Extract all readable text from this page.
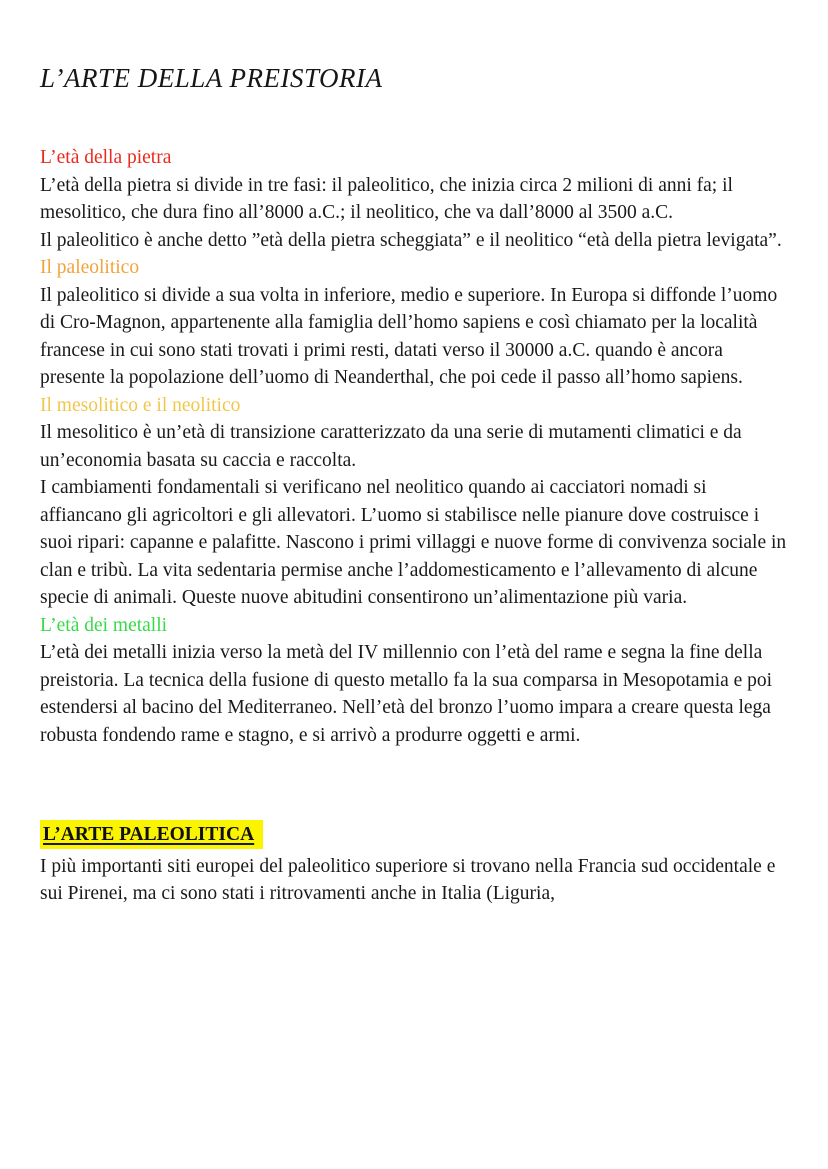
L’ARTE DELLA PREISTORIA
L’età della pietra

L’età della pietra si divide in tre fasi: il paleolitico, che inizia circa 2 milioni di anni fa; il mesolitico, che dura fino all’8000 a.C.; il neolitico, che va dall’8000 al 3500 a.C.

Il paleolitico è anche detto ”età della pietra scheggiata” e il neolitico “età della pietra levigata”.

Il paleolitico

Il paleolitico si divide a sua volta in inferiore, medio e superiore. In Europa si diffonde l’uomo di Cro-Magnon, appartenente alla famiglia dell’homo sapiens e così chiamato per la località francese in cui sono stati trovati i primi resti, datati verso il 30000 a.C. quando è ancora presente la popolazione dell’uomo di Neanderthal, che poi cede il passo all’homo sapiens.

Il mesolitico e il neolitico

Il mesolitico è un’età di transizione caratterizzato da una serie di mutamenti climatici e da un’economia basata su caccia e raccolta.

I cambiamenti fondamentali si verificano nel neolitico quando ai cacciatori nomadi si affiancano gli agricoltori e gli allevatori. L’uomo si stabilisce nelle pianure dove costruisce i suoi ripari: capanne e palafitte. Nascono i primi villaggi e nuove forme di convivenza sociale in clan e tribù. La vita sedentaria permise anche l’addomesticamento e l’allevamento di alcune specie di animali. Queste nuove abitudini consentirono un’alimentazione più varia.

L’età dei metalli

L’età dei metalli inizia verso la metà del IV millennio con l’età del rame e segna la fine della preistoria. La tecnica della fusione di questo metallo fa la sua comparsa in Mesopotamia e poi estendersi al bacino del Mediterraneo. Nell’età del bronzo l’uomo impara a creare questa lega robusta fondendo rame e stagno, e si arrivò a produrre oggetti e armi.

L’ARTE PALEOLITICA

I più importanti siti europei del paleolitico superiore si trovano nella Francia sud occidentale e sui Pirenei, ma ci sono stati i ritrovamenti anche in Italia (Liguria,
